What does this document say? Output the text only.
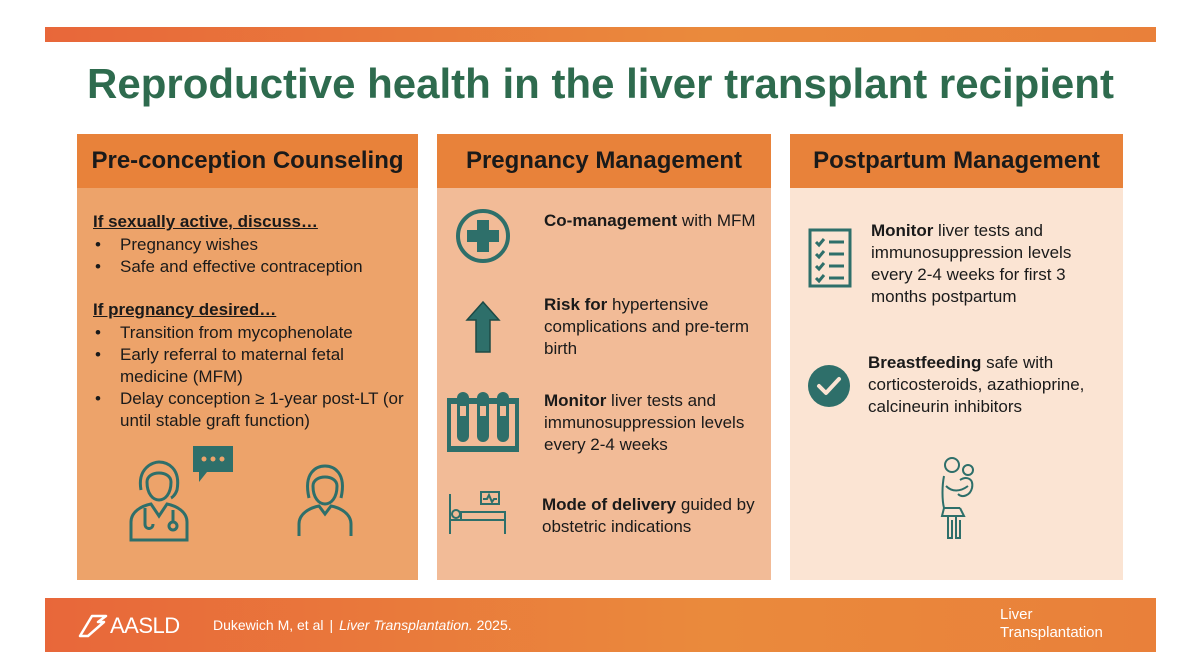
Reproductive health in the liver transplant recipient
Pre-conception Counseling
If sexually active, discuss…
• Pregnancy wishes
• Safe and effective contraception
If pregnancy desired…
• Transition from mycophenolate
• Early referral to maternal fetal medicine (MFM)
• Delay conception ≥ 1-year post-LT (or until stable graft function)
Pregnancy Management
Co-management with MFM
Risk for hypertensive complications and pre-term birth
Monitor liver tests and immunosuppression levels every 2-4 weeks
Mode of delivery guided by obstetric indications
Postpartum Management
Monitor liver tests and immunosuppression levels every 2-4 weeks for first 3 months postpartum
Breastfeeding safe with corticosteroids, azathioprine, calcineurin inhibitors
AASLD Dukewich M, et al | Liver Transplantation. 2025.
Liver
Transplantation
